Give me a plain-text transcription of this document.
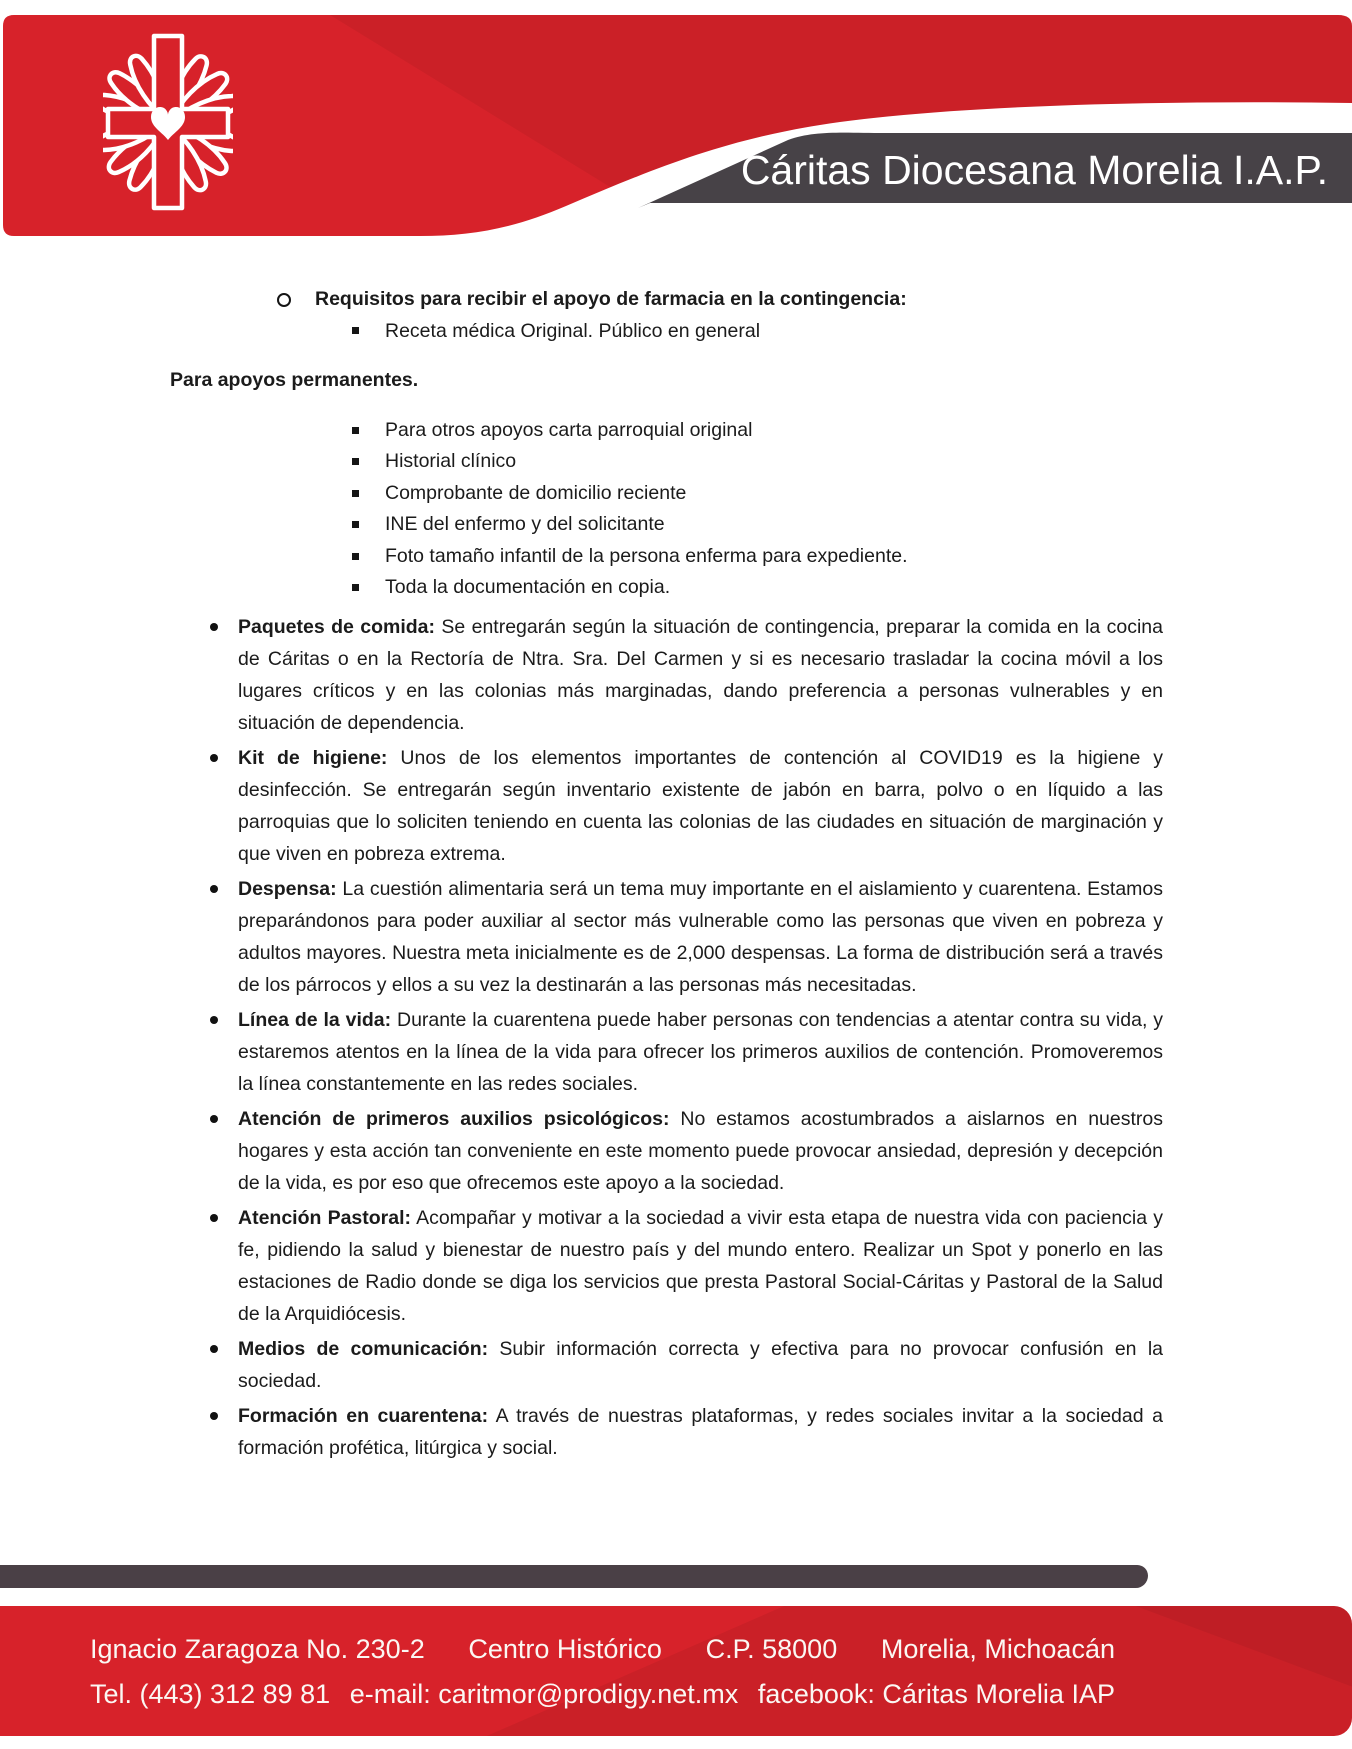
Cáritas Diocesana Morelia I.A.P.
Requisitos para recibir el apoyo de farmacia en la contingencia:
Receta médica Original. Público en general
Para apoyos permanentes.
Para otros apoyos carta parroquial original
Historial clínico
Comprobante de domicilio reciente
INE del enfermo y del solicitante
Foto tamaño infantil de la persona enferma para expediente.
Toda la documentación en copia.
Paquetes de comida: Se entregarán según la situación de contingencia, preparar la comida en la cocina de Cáritas o en la Rectoría de Ntra. Sra. Del Carmen y si es necesario trasladar la cocina móvil a los lugares críticos y en las colonias más marginadas, dando preferencia a personas vulnerables y en situación de dependencia.
Kit de higiene: Unos de los elementos importantes de contención al COVID19 es la higiene y desinfección. Se entregarán según inventario existente de jabón en barra, polvo o en líquido a las parroquias que lo soliciten teniendo en cuenta las colonias de las ciudades en situación de marginación y que viven en pobreza extrema.
Despensa: La cuestión alimentaria será un tema muy importante en el aislamiento y cuarentena. Estamos preparándonos para poder auxiliar al sector más vulnerable como las personas que viven en pobreza y adultos mayores. Nuestra meta inicialmente es de 2,000 despensas. La forma de distribución será a través de los párrocos y ellos a su vez la destinarán a las personas más necesitadas.
Línea de la vida: Durante la cuarentena puede haber personas con tendencias a atentar contra su vida, y estaremos atentos en la línea de la vida para ofrecer los primeros auxilios de contención. Promoveremos la línea constantemente en las redes sociales.
Atención de primeros auxilios psicológicos: No estamos acostumbrados a aislarnos en nuestros hogares y esta acción tan conveniente en este momento puede provocar ansiedad, depresión y decepción de la vida, es por eso que ofrecemos este apoyo a la sociedad.
Atención Pastoral: Acompañar y motivar a la sociedad a vivir esta etapa de nuestra vida con paciencia y fe, pidiendo la salud y bienestar de nuestro país y del mundo entero. Realizar un Spot y ponerlo en las estaciones de Radio donde se diga los servicios que presta Pastoral Social-Cáritas y Pastoral de la Salud de la Arquidiócesis.
Medios de comunicación: Subir información correcta y efectiva para no provocar confusión en la sociedad.
Formación en cuarentena: A través de nuestras plataformas, y redes sociales invitar a la sociedad a formación profética, litúrgica y social.
Ignacio Zaragoza No. 230-2 Centro Histórico C.P. 58000 Morelia, Michoacán
Tel. (443) 312 89 81 e-mail: caritmor@prodigy.net.mx facebook: Cáritas Morelia IAP
